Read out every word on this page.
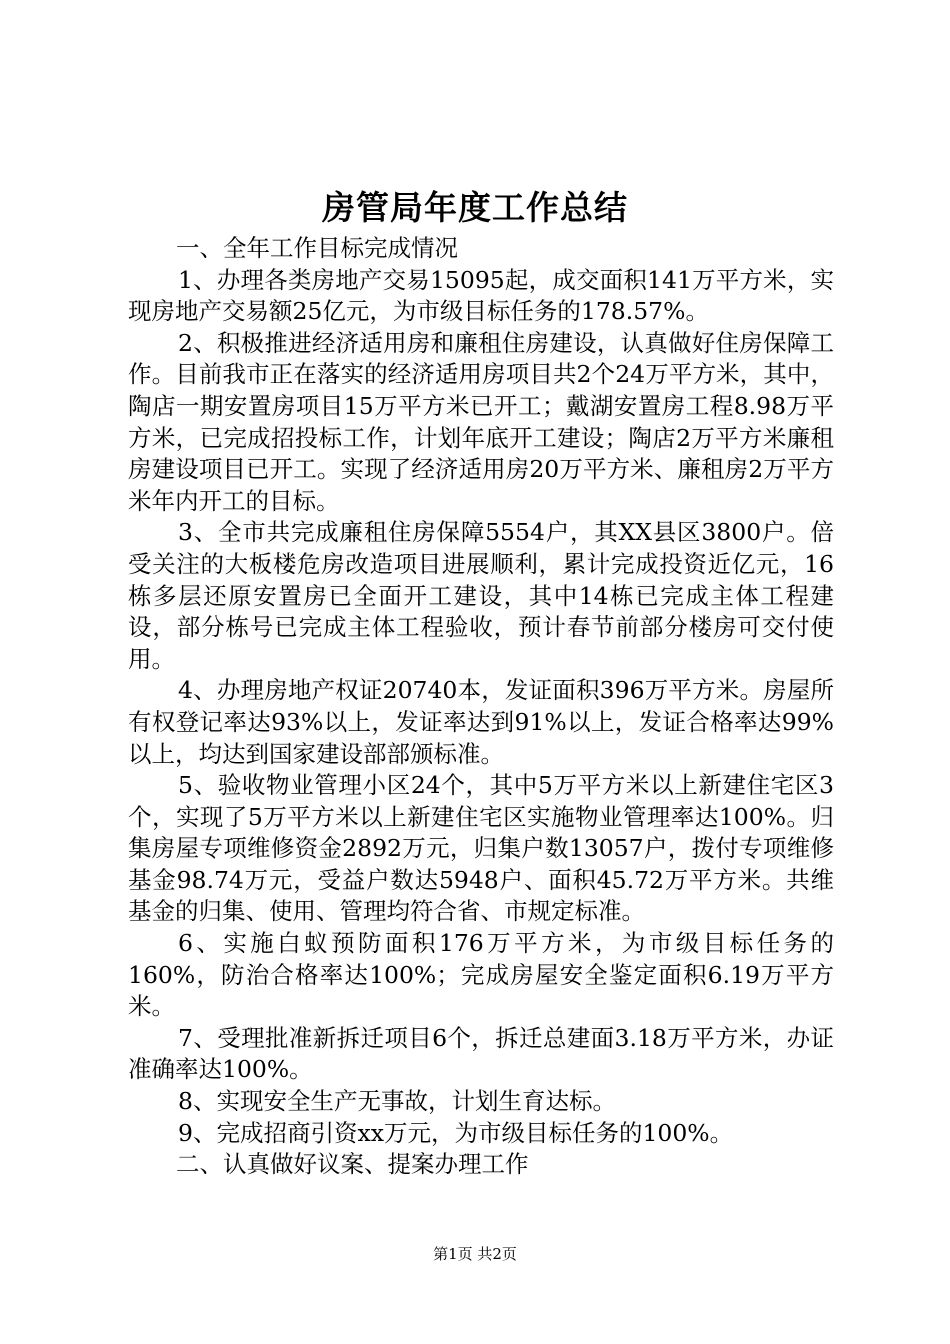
房管局年度工作总结

一、全年工作目标完成情况

1、办理各类房地产交易15095起，成交面积141万平方米，实现房地产交易额25亿元，为市级目标任务的178.57%。

2、积极推进经济适用房和廉租住房建设，认真做好住房保障工作。目前我市正在落实的经济适用房项目共2个24万平方米，其中，陶店一期安置房项目15万平方米已开工；戴湖安置房工程8.98万平方米，已完成招投标工作，计划年底开工建设；陶店2万平方米廉租房建设项目已开工。实现了经济适用房20万平方米、廉租房2万平方米年内开工的目标。

3、全市共完成廉租住房保障5554户，其XX县区3800户。倍受关注的大板楼危房改造项目进展顺利，累计完成投资近亿元，16栋多层还原安置房已全面开工建设，其中14栋已完成主体工程建设，部分栋号已完成主体工程验收，预计春节前部分楼房可交付使用。

4、办理房地产权证20740本，发证面积396万平方米。房屋所有权登记率达93%以上，发证率达到91%以上，发证合格率达99%以上，均达到国家建设部部颁标准。

5、验收物业管理小区24个，其中5万平方米以上新建住宅区3个，实现了5万平方米以上新建住宅区实施物业管理率达100%。归集房屋专项维修资金2892万元，归集户数13057户，拨付专项维修基金98.74万元，受益户数达5948户、面积45.72万平方米。共维基金的归集、使用、管理均符合省、市规定标准。

6、实施白蚁预防面积176万平方米，为市级目标任务的160%，防治合格率达100%；完成房屋安全鉴定面积6.19万平方米。

7、受理批准新拆迁项目6个，拆迁总建面3.18万平方米，办证准确率达100%。

8、实现安全生产无事故，计划生育达标。

9、完成招商引资xx万元，为市级目标任务的100%。

二、认真做好议案、提案办理工作

第1页 共2页
